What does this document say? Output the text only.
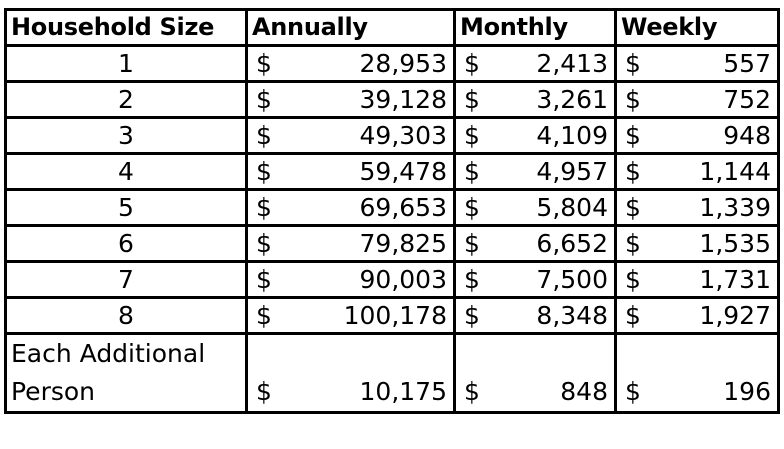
Household Size	Annually	Monthly	Weekly
1	$ 28,953	$ 2,413	$ 557

2	$ 39,128	$ 3,261	$ 752

3	$ 49,303	$ 4,109	$ 948

4	$ 59,478	$ 4,957	$ 1,144

5	$ 69,653	$ 5,804	$ 1,339

6	$ 79,825	$ 6,652	$ 1,535

7	$ 90,003	$ 7,500	$ 1,731

8	$ 100,178	$ 8,348	$ 1,927

Each Additional Person	$ 10,175	$ 848	$ 196
